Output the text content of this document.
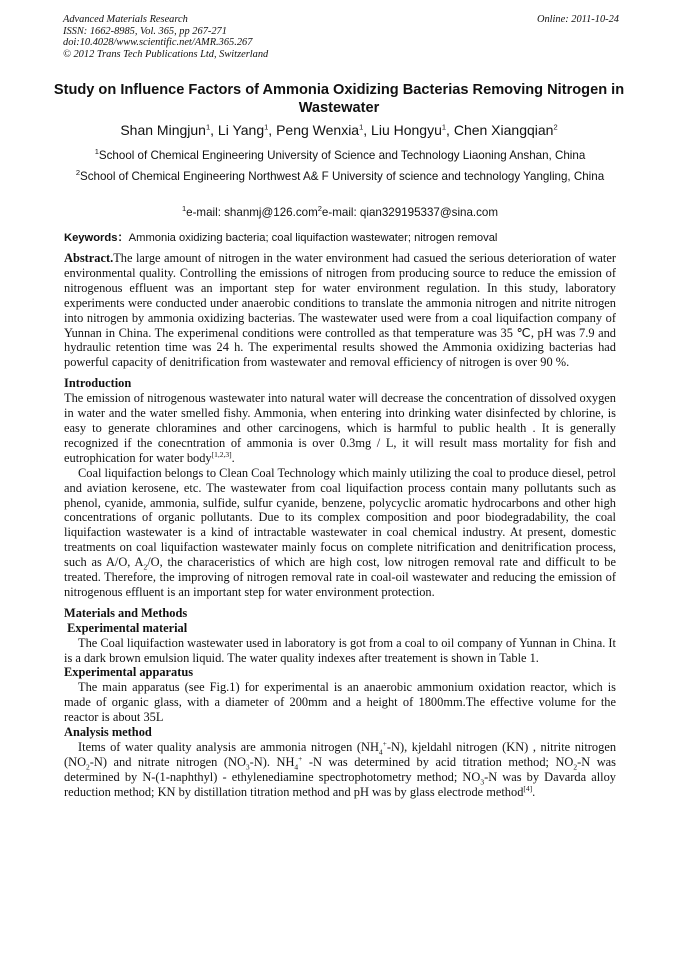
Advanced Materials Research	Online: 2011-10-24
ISSN: 1662-8985, Vol. 365, pp 267-271
doi:10.4028/www.scientific.net/AMR.365.267
© 2012 Trans Tech Publications Ltd, Switzerland
Study on Influence Factors of Ammonia Oxidizing Bacterias Removing Nitrogen in Wastewater
Shan Mingjun$^1$, Li Yang$^1$, Peng Wenxia$^1$, Liu Hongyu$^1$, Chen Xiangqian$^2$
$^1$School of Chemical Engineering University of Science and Technology Liaoning Anshan, China
$^2$School of Chemical Engineering Northwest A& F University of science and technology Yangling, China
$^1$e-mail: shanmj@126.com$^2$e-mail: qian329195337@sina.com
Keywords：Ammonia oxidizing bacteria; coal liquifaction wastewater; nitrogen removal

Abstract.The large amount of nitrogen in the water environment had casued the serious deterioration of water environmental quality. Controlling the emissions of nitrogen from producing source to reduce the emission of nitrogenous effluent was an important step for water environment regulation. In this study, laboratory experiments were conducted under anaerobic conditions to translate the ammonia nitrogen and nitrite nitrogen into nitrogen by ammonia oxidizing bacterias. The wastewater used were from a coal liquifaction company of Yunnan in China. The experimenal conditions were controlled as that temperature was 35 ℃, pH was 7.9 and hydraulic retention time was 24 h. The experimental results showed the Ammonia oxidizing bacterias had powerful capacity of denitrification from wastewater and removal efficiency of nitrogen is over 90 %.

Introduction

The emission of nitrogenous wastewater into natural water will decrease the concentration of dissolved oxygen in water and the water smelled fishy. Ammonia, when entering into drinking water disinfected by chlorine, is easy to generate chloramines and other carcinogens, which is harmful to public health . It is generally recognized if the conecntration of ammonia is over 0.3mg / L, it will result mass mortality for fish and eutrophication for water body[1,2,3].

Coal liquifaction belongs to Clean Coal Technology which mainly utilizing the coal to produce diesel, petrol and aviation kerosene, etc. The wastewater from coal liquifaction process contain many pollutants such as phenol, cyanide, ammonia, sulfide, sulfur cyanide, benzene, polycyclic aromatic hydrocarbons and other high concentrations of organic pollutants. Due to its complex composition and poor biodegradability, the coal liquifaction wastewater is a kind of intractable wastewater in coal chemical industry. At present, domestic treatments on coal liquifaction wastewater mainly focus on complete nitrification and denitrification process, such as A/O, $A_2/O$, the characeristics of which are high cost, low nitrogen removal rate and difficult to be treated. Therefore, the improving of nitrogen removal rate in coal-oil wastewater and reducing the emission of nitrogenous effluent is an important step for water environment protection.

Materials and Methods

Experimental material

The Coal liquifaction wastewater used in laboratory is got from a coal to oil company of Yunnan in China. It is a dark brown emulsion liquid. The water quality indexes after treatement is shown in Table 1.

Experimental apparatus

The main apparatus (see Fig.1) for experimental is an anaerobic ammonium oxidation reactor, which is made of organic glass, with a diameter of 200mm and a height of 1800mm.The effective volume for the reactor is about 35L

Analysis method

Items of water quality analysis are ammonia nitrogen $(NH_4^+-N)$, kjeldahl nitrogen (KN) , nitrite nitrogen $(NO_2-N)$ and nitrate nitrogen $(NO_3-N)$. $NH_4^+$ -N was determined by acid titration method; $NO_2-N$ was determined by N-(1-naphthyl) - ethylenediamine spectrophotometry method; $NO_3-N$ was by Davarda alloy reduction method; KN by distillation titration method and pH was by glass electrode method[4].
